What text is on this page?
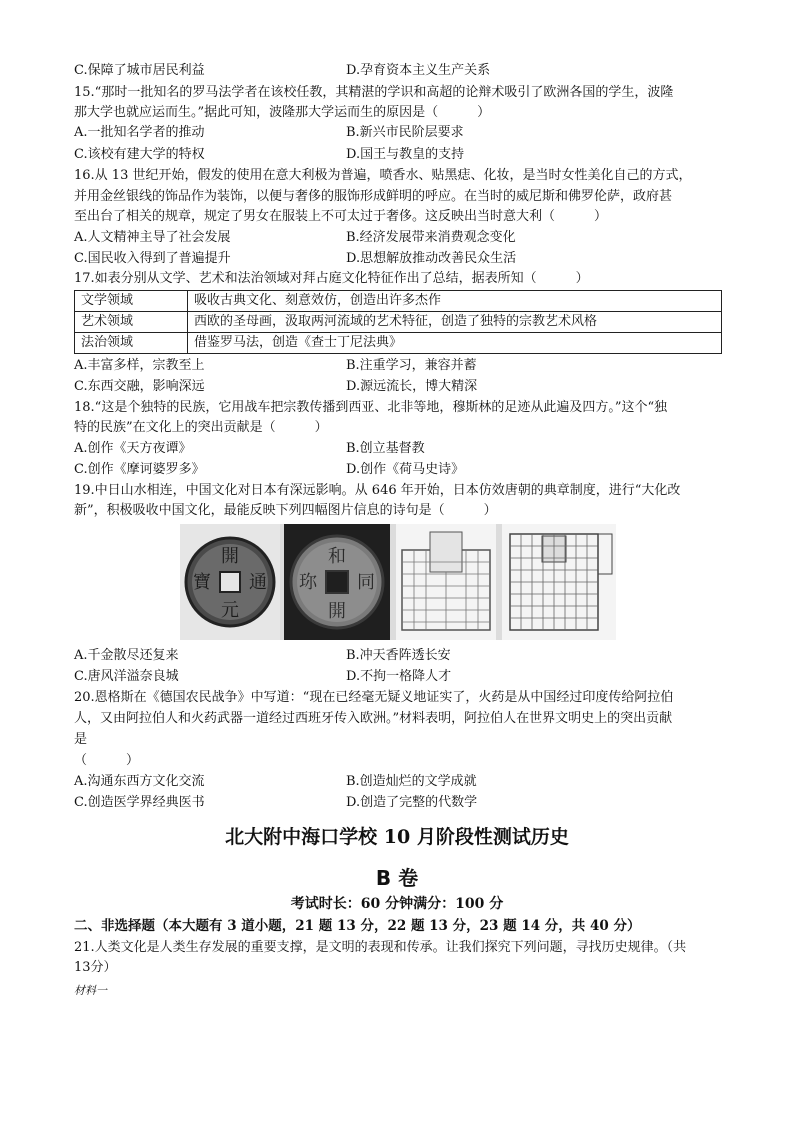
C.保障了城市居民利益	D.孕育资本主义生产关系
15.“那时一批知名的罗马法学者在该校任教，其精湛的学识和高超的论辩术吸引了欧洲各国的学生，波隆
那大学也就应运而生。”据此可知，波隆那大学运而生的原因是（　　　）
A.一批知名学者的推动	B.新兴市民阶层要求
C.该校有建大学的特权	D.国王与教皇的支持
16.从 13 世纪开始，假发的使用在意大利极为普遍，喷香水、贴黑痣、化妆，是当时女性美化自己的方式，
并用金丝银线的饰品作为装饰，以便与奢侈的服饰形成鲜明的呼应。在当时的威尼斯和佛罗伦萨，政府甚
至出台了相关的规章，规定了男女在服装上不可太过于奢侈。这反映出当时意大利（　　　）
A.人文精神主导了社会发展	B.经济发展带来消费观念变化
C.国民收入得到了普遍提升	D.思想解放推动改善民众生活
17.如表分别从文学、艺术和法治领域对拜占庭文化特征作出了总结，据表所知（　　　）
文学领域	吸收古典文化、刻意效仿，创造出许多杰作
艺术领域	西欧的圣母画，汲取两河流域的艺术特征，创造了独特的宗教艺术风格
法治领域	借鉴罗马法，创造《查士丁尼法典》
A.丰富多样，宗教至上	B.注重学习，兼容并蓄
C.东西交融，影响深远	D.源远流长，博大精深
18.“这是个独特的民族，它用战车把宗教传播到西亚、北非等地，穆斯林的足迹从此遍及四方。”这个“独
特的民族”在文化上的突出贡献是（　　　）
A.创作《天方夜谭》	B.创立基督教
C.创作《摩诃婆罗多》	D.创作《荷马史诗》
19.中日山水相连，中国文化对日本有深远影响。从 646 年开始，日本仿效唐朝的典章制度，进行“大化改
新”，积极吸收中国文化，最能反映下列四幅图片信息的诗句是（　　　）
開
元
通
寶
和
同
開
珎
A.千金散尽还复来	B.冲天香阵透长安
C.唐风洋溢奈良城	D.不拘一格降人才
20.恩格斯在《德国农民战争》中写道：“现在已经毫无疑义地证实了，火药是从中国经过印度传给阿拉伯
人，又由阿拉伯人和火药武器一道经过西班牙传入欧洲。”材料表明，阿拉伯人在世界文明史上的突出贡献
是
（　　　）
A.沟通东西方文化交流	B.创造灿烂的文学成就
C.创造医学界经典医书	D.创造了完整的代数学
北大附中海口学校 10 月阶段性测试历史
B 卷
考试时长：60 分钟满分：100 分
二、非选择题（本大题有 3 道小题，21 题 13 分，22 题 13 分，23 题 14 分，共 40 分）
21.人类文化是人类生存发展的重要支撑，是文明的表现和传承。让我们探究下列问题，寻找历史规律。（共
13分）
材料一
